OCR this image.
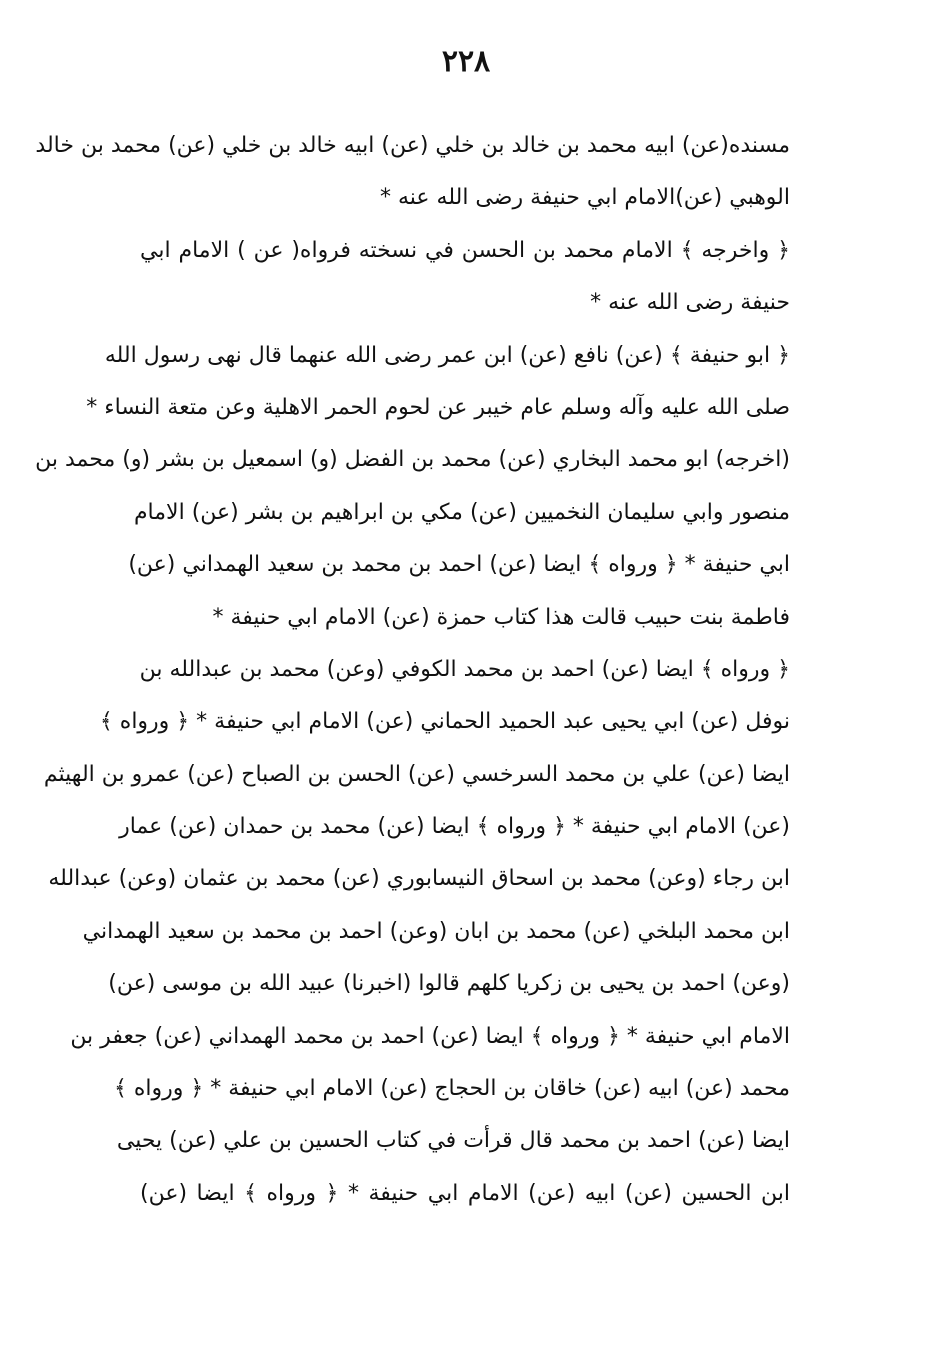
٢٢٨
مسنده(عن) ابيه محمد بن خالد بن خلي (عن) ابيه خالد بن خلي (عن) محمد بن خالد
الوهبي (عن)الامام ابي حنيفة رضى الله عنه *
﴿ واخرجه ﴾ الامام محمد بن الحسن في نسخته فرواه( عن ) الامام ابي
حنيفة رضى الله عنه *
﴿ ابو حنيفة ﴾ (عن) نافع (عن) ابن عمر رضى الله عنهما قال نهى رسول الله
صلى الله عليه وآله وسلم عام خيبر عن لحوم الحمر الاهلية وعن متعة النساء *
(اخرجه) ابو محمد البخاري (عن) محمد بن الفضل (و) اسمعيل بن بشر (و) محمد بن
منصور وابي سليمان النخميين (عن) مكي بن ابراهيم بن بشر (عن) الامام
ابي حنيفة * ﴿ ورواه ﴾ ايضا (عن) احمد بن محمد بن سعيد الهمداني (عن)
فاطمة بنت حبيب قالت هذا كتاب حمزة (عن) الامام ابي حنيفة *
﴿ ورواه ﴾ ايضا (عن) احمد بن محمد الكوفي (وعن) محمد بن عبدالله بن
نوفل (عن) ابي يحيى عبد الحميد الحماني (عن) الامام ابي حنيفة * ﴿ ورواه ﴾
ايضا (عن) علي بن محمد السرخسي (عن) الحسن بن الصباح (عن) عمرو بن الهيثم
(عن) الامام ابي حنيفة * ﴿ ورواه ﴾ ايضا (عن) محمد بن حمدان (عن) عمار
ابن رجاء (وعن) محمد بن اسحاق النيسابوري (عن) محمد بن عثمان (وعن) عبدالله
ابن محمد البلخي (عن) محمد بن ابان (وعن) احمد بن محمد بن سعيد الهمداني
(وعن) احمد بن يحيى بن زكريا كلهم قالوا (اخبرنا) عبيد الله بن موسى (عن)
الامام ابي حنيفة * ﴿ ورواه ﴾ ايضا (عن) احمد بن محمد الهمداني (عن) جعفر بن
محمد (عن) ابيه (عن) خاقان بن الحجاج (عن) الامام ابي حنيفة * ﴿ ورواه ﴾
ايضا (عن) احمد بن محمد قال قرأت في كتاب الحسين بن علي (عن) يحيى
ابن الحسين (عن) ابيه (عن) الامام ابي حنيفة * ﴿ ورواه ﴾ ايضا (عن)
